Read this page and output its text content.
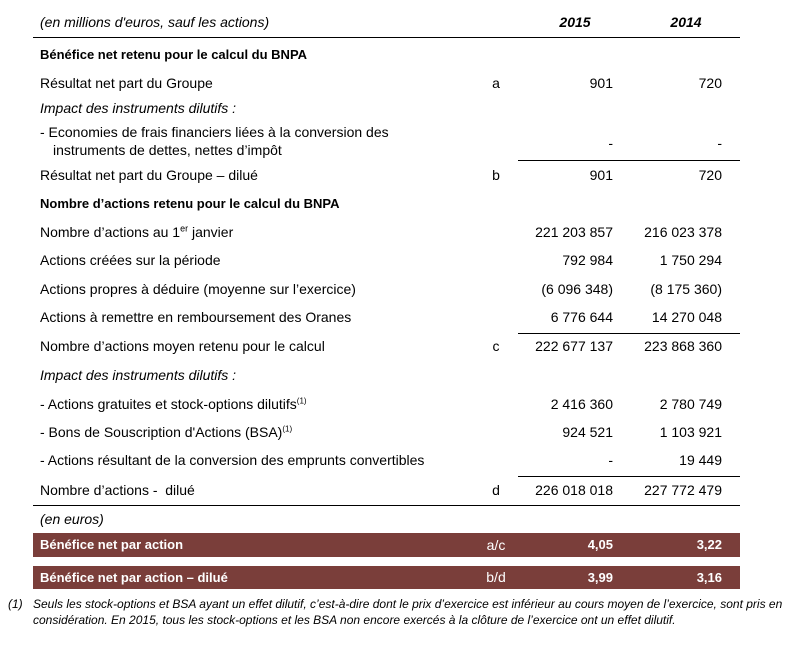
(en millions d'euros, sauf les actions)	2015	2014
Bénéfice net retenu pour le calcul du BNPA
Résultat net part du Groupe	a	901	720
Impact des instruments dilutifs :
- Economies de frais financiers liées à la conversion des instruments de dettes, nettes d’impôt	-	-
Résultat net part du Groupe – dilué	b	901	720
Nombre d’actions retenu pour le calcul du BNPA
Nombre d’actions au 1er janvier	221 203 857	216 023 378
Actions créées sur la période	792 984	1 750 294
Actions propres à déduire (moyenne sur l’exercice)	(6 096 348)	(8 175 360)
Actions à remettre en remboursement des Oranes	6 776 644	14 270 048
Nombre d’actions moyen retenu pour le calcul	c	222 677 137	223 868 360
Impact des instruments dilutifs :
- Actions gratuites et stock-options dilutifs$^{(1)}$	2 416 360	2 780 749
- Bons de Souscription d'Actions (BSA)$^{(1)}$	924 521	1 103 921
- Actions résultant de la conversion des emprunts convertibles	-	19 449
Nombre d’actions -  dilué	d	226 018 018	227 772 479
(en euros)
Bénéfice net par action	a/c	4,05	3,22
Bénéfice net par action – dilué	b/d	3,99	3,16
(1) Seuls les stock-options et BSA ayant un effet dilutif, c’est-à-dire dont le prix d’exercice est inférieur au cours moyen de l’exercice, sont pris en considération. En 2015, tous les stock-options et les BSA non encore exercés à la clôture de l’exercice ont un effet dilutif.
